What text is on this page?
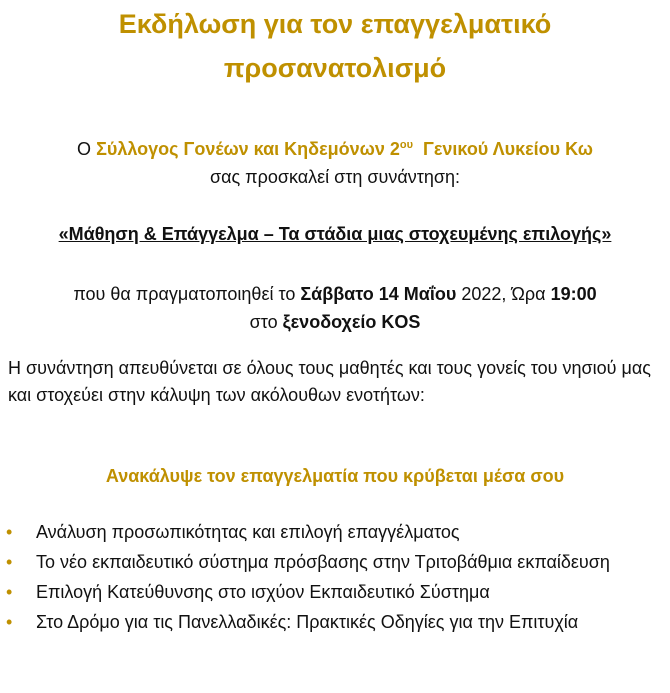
Εκδήλωση για τον επαγγελματικό
προσανατολισμό
Ο Σύλλογος Γονέων και Κηδεμόνων $2^{o\upsilon}$  Γενικού Λυκείου Κω
σας προσκαλεί στη συνάντηση:
«Μάθηση & Επάγγελμα – Τα στάδια μιας στοχευμένης επιλογής»
που θα πραγματοποιηθεί το Σάββατο 14 Μαΐου 2022, Ώρα 19:00
στο ξενοδοχείο KOS
Η συνάντηση απευθύνεται σε όλους τους μαθητές και τους γονείς του νησιού μας και στοχεύει στην κάλυψη των ακόλουθων ενοτήτων:
Ανακάλυψε τον επαγγελματία που κρύβεται μέσα σου
• Ανάλυση προσωπικότητας και επιλογή επαγγέλματος
• Το νέο εκπαιδευτικό σύστημα πρόσβασης στην Τριτοβάθμια εκπαίδευση
• Επιλογή Κατεύθυνσης στο ισχύον Εκπαιδευτικό Σύστημα
• Στο Δρόμο για τις Πανελλαδικές: Πρακτικές Οδηγίες για την Επιτυχία
